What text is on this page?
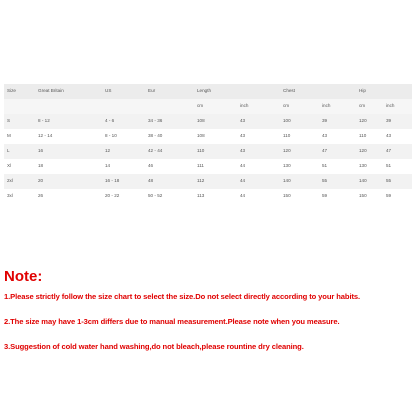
Size	Great Britain	US	Eur	Length		Chest		Hip	
				cm	inch	cm	inch	cm	inch
S	8 - 12	4 - 6	34 - 36	108	43	100	39	120	39
M	12 - 14	8 - 10	38 - 40	108	43	110	43	110	43
L	16	12	42 - 44	110	43	120	47	120	47
Xl	18	14	46	111	44	130	51	130	51
2xl	20	16 - 18	48	112	44	140	55	140	55
3xl	26	20 - 22	50 - 52	113	44	150	59	150	59
Note:
1.Please strictly follow the size chart to select the size.Do not select directly according to your habits.
2.The size may have 1-3cm differs due to manual measurement.Please note when you measure.
3.Suggestion of cold water hand washing,do not bleach,please rountine dry cleaning.
